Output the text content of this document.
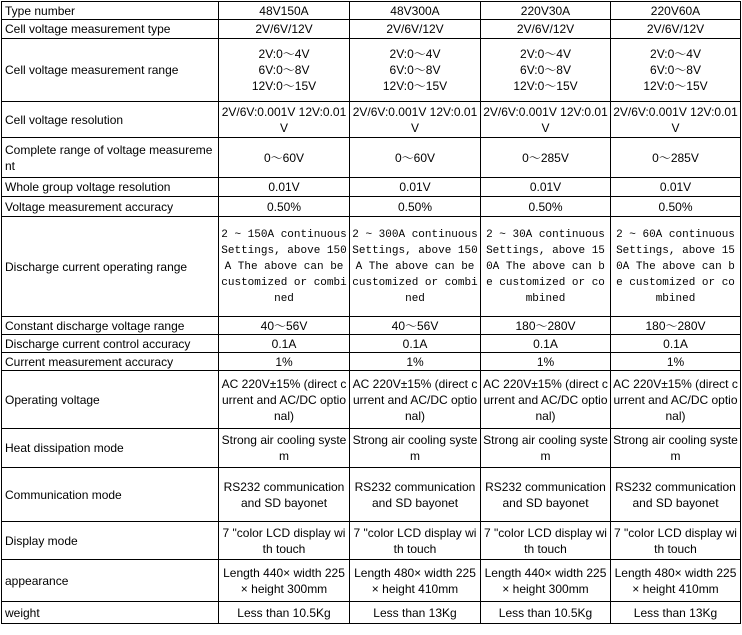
Type number	48V150A	48V300A	220V30A	220V60A
Cell voltage measurement type	2V/6V/12V	2V/6V/12V	2V/6V/12V	2V/6V/12V
Cell voltage measurement range	2V:0～4V
6V:0～8V
12V:0～15V	2V:0～4V
6V:0～8V
12V:0～15V	2V:0～4V
6V:0～8V
12V:0～15V	2V:0～4V
6V:0～8V
12V:0～15V
Cell voltage resolution	2V/6V:0.001V 12V:0.01V	2V/6V:0.001V 12V:0.01V	2V/6V:0.001V 12V:0.01V	2V/6V:0.001V 12V:0.01V
Complete range of voltage measurement	0～60V	0～60V	0～285V	0～285V
Whole group voltage resolution	0.01V	0.01V	0.01V	0.01V
Voltage measurement accuracy	0.50%	0.50%	0.50%	0.50%
Discharge current operating range	2 ~ 150A continuousSettings, above 150A The above can be customized or combined	2 ~ 300A continuousSettings, above 150A The above can be customized or combined	2 ~ 30A continuousSettings, above 150A The above can be customized or combined	2 ~ 60A continuousSettings, above 150A The above can be customized or combined
Constant discharge voltage range	40～56V	40～56V	180～280V	180～280V
Discharge current control accuracy	0.1A	0.1A	0.1A	0.1A
Current measurement accuracy	1%	1%	1%	1%
Operating voltage	AC 220V±15% (direct current and AC/DC optional)	AC 220V±15% (direct current and AC/DC optional)	AC 220V±15% (direct current and AC/DC optional)	AC 220V±15% (direct current and AC/DC optional)
Heat dissipation mode	Strong air cooling system	Strong air cooling system	Strong air cooling system	Strong air cooling system
Communication mode	RS232 communication and SD bayonet	RS232 communication and SD bayonet	RS232 communication and SD bayonet	RS232 communication and SD bayonet
Display mode	7 "color LCD display with touch	7 "color LCD display with touch	7 "color LCD display with touch	7 "color LCD display with touch
appearance	Length 440× width 225× height 300mm	Length 480× width 225× height 410mm	Length 440× width 225× height 300mm	Length 480× width 225× height 410mm
weight	Less than 10.5Kg	Less than 13Kg	Less than 10.5Kg	Less than 13Kg
